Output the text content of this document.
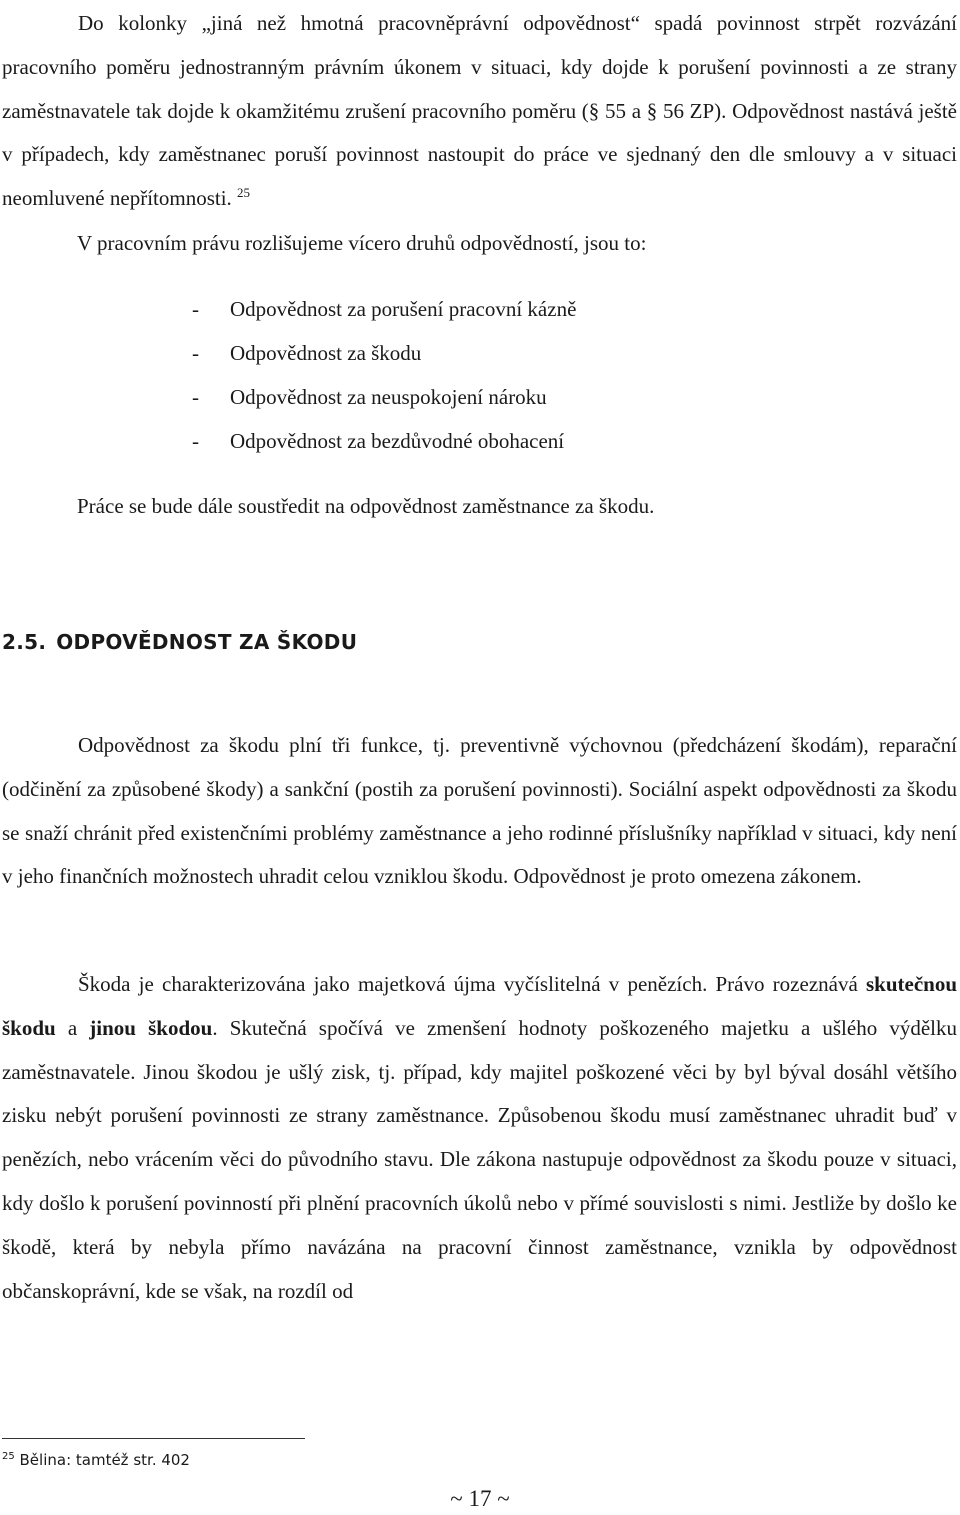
Do kolonky „jiná než hmotná pracovněprávní odpovědnost“ spadá povinnost strpět rozvázání pracovního poměru jednostranným právním úkonem v situaci, kdy dojde k porušení povinnosti a ze strany zaměstnavatele tak dojde k okamžitému zrušení pracovního poměru (§ 55 a § 56 ZP). Odpovědnost nastává ještě v případech, kdy zaměstnanec poruší povinnost nastoupit do práce ve sjednaný den dle smlouvy a v situaci neomluvené nepřítomnosti. $^{25}$

V pracovním právu rozlišujeme vícero druhů odpovědností, jsou to:

- Odpovědnost za porušení pracovní kázně

- Odpovědnost za škodu

- Odpovědnost za neuspokojení nároku

- Odpovědnost za bezdůvodné obohacení

Práce se bude dále soustředit na odpovědnost zaměstnance za škodu.

2.5. ODPOVĚDNOST ZA ŠKODU

Odpovědnost za škodu plní tři funkce, tj. preventivně výchovnou (předcházení škodám), reparační (odčinění za způsobené škody) a sankční (postih za porušení povinnosti). Sociální aspekt odpovědnosti za škodu se snaží chránit před existenčními problémy zaměstnance a jeho rodinné příslušníky například v situaci, kdy není v jeho finančních možnostech uhradit celou vzniklou škodu. Odpovědnost je proto omezena zákonem.

Škoda je charakterizována jako majetková újma vyčíslitelná v penězích. Právo rozeznává skutečnou škodu a jinou škodou. Skutečná spočívá ve zmenšení hodnoty poškozeného majetku a ušlého výdělku zaměstnavatele. Jinou škodou je ušlý zisk, tj. případ, kdy majitel poškozené věci by byl býval dosáhl většího zisku nebýt porušení povinnosti ze strany zaměstnance. Způsobenou škodu musí zaměstnanec uhradit buď v penězích, nebo vrácením věci do původního stavu. Dle zákona nastupuje odpovědnost za škodu pouze v situaci, kdy došlo k porušení povinností při plnění pracovních úkolů nebo v přímé souvislosti s nimi. Jestliže by došlo ke škodě, která by nebyla přímo navázána na pracovní činnost zaměstnance, vznikla by odpovědnost občanskoprávní, kde se však, na rozdíl od

$^{25}$ Bělina: tamtéž str. 402

~ 17 ~
